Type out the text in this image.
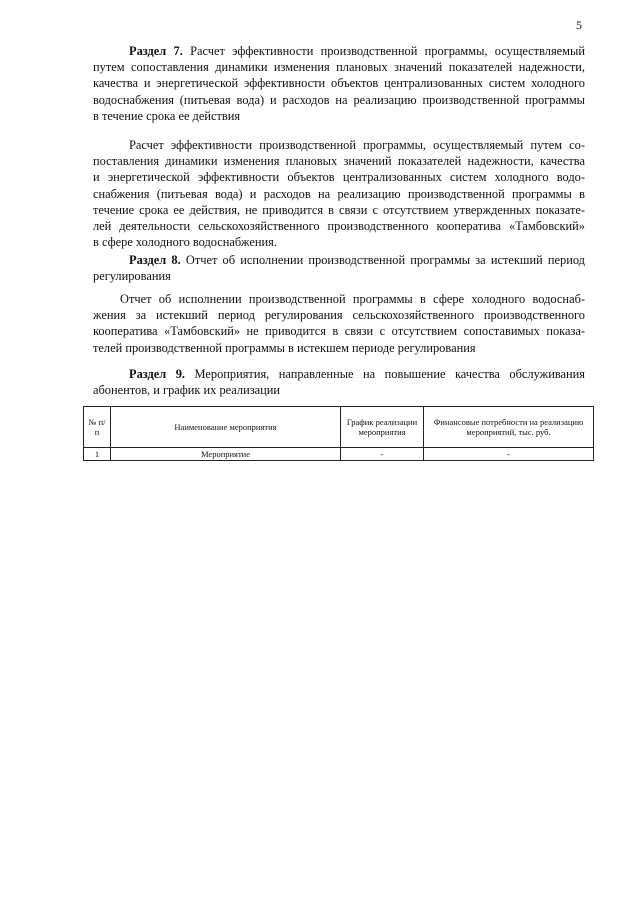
5
Раздел 7. Расчет эффективности производственной программы, осуществляемый
путем сопоставления динамики изменения плановых значений показателей надежности,
качества и энергетической эффективности объектов централизованных систем холодного
водоснабжения (питьевая вода) и расходов на реализацию производственной программы
в течение срока ее действия
Расчет эффективности производственной программы, осуществляемый путем со-
поставления динамики изменения плановых значений показателей надежности, качества
и энергетической эффективности объектов централизованных систем холодного водо-
снабжения (питьевая вода) и расходов на реализацию производственной программы в
течение срока ее действия, не приводится в связи с отсутствием утвержденных показате-
лей деятельности сельскохозяйственного производственного кооператива «Тамбовский»
в сфере холодного водоснабжения.
Раздел 8. Отчет об исполнении производственной программы за истекший период
регулирования
Отчет об исполнении производственной программы в сфере холодного водоснаб-
жения за истекший период регулирования сельскохозяйственного производственного
кооператива «Тамбовский» не приводится в связи с отсутствием сопоставимых показа-
телей производственной программы в истекшем периоде регулирования
Раздел 9. Мероприятия, направленные на повышение качества обслуживания
абонентов, и график их реализации
№ п/п	Наименование мероприятия	График реализации мероприятия	Финансовые потребности на реализацию мероприятий, тыс. руб.
1	Мероприятие	-	-
